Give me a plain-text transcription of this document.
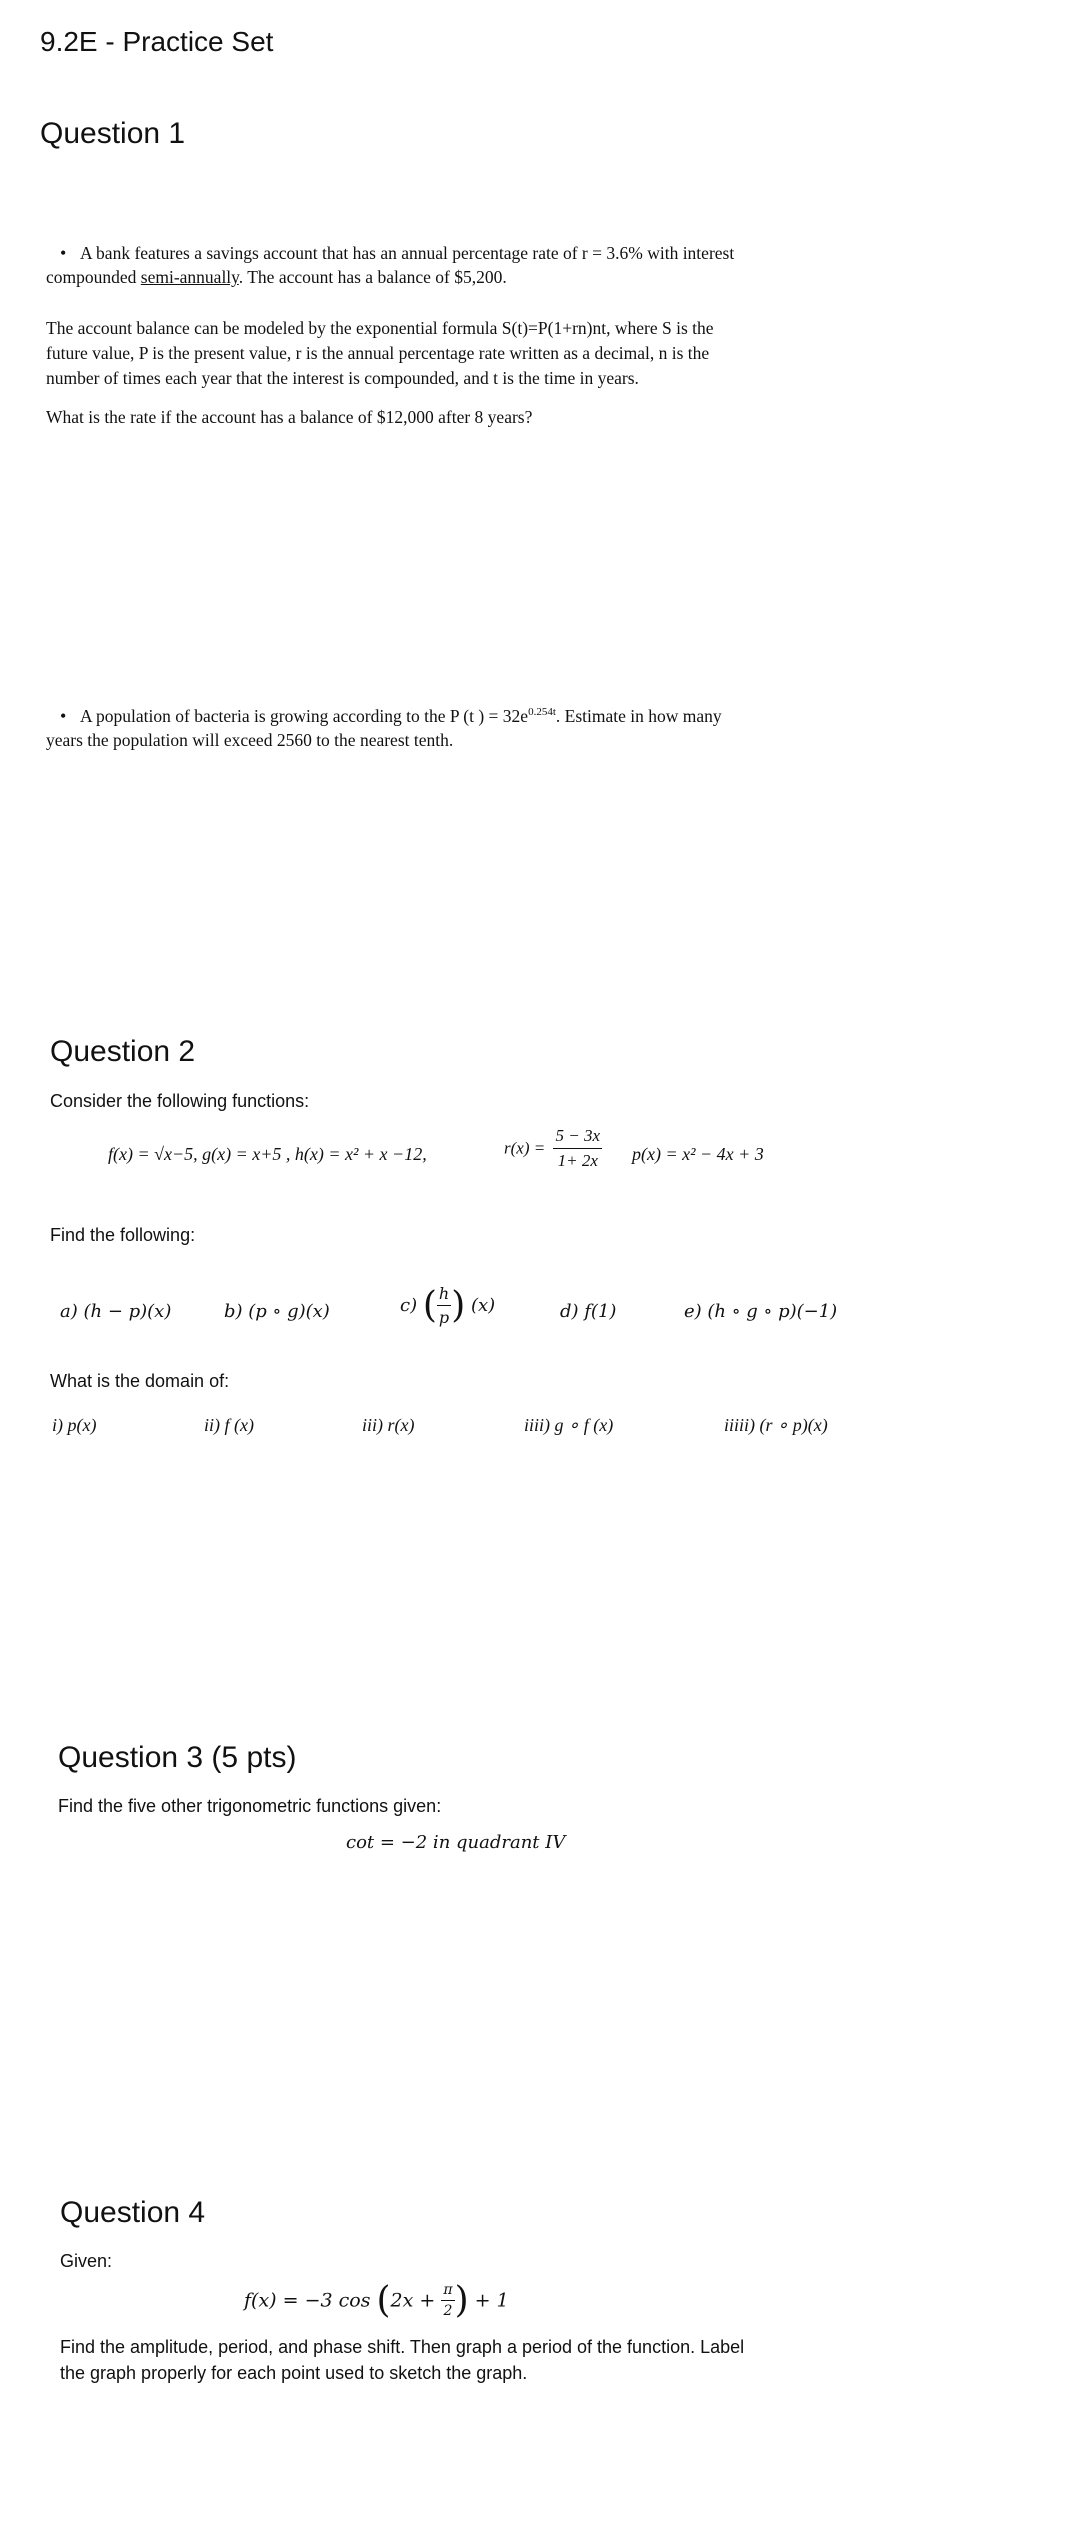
9.2E - Practice Set
Question 1
• A bank features a savings account that has an annual percentage rate of r = 3.6% with interest
compounded semi-annually. The account has a balance of $5,200.
The account balance can be modeled by the exponential formula S(t)=P(1+rn)nt, where S is the
future value, P is the present value, r is the annual percentage rate written as a decimal, n is the
number of times each year that the interest is compounded, and t is the time in years.
What is the rate if the account has a balance of $12,000 after 8 years?
• A population of bacteria is growing according to the P (t ) = $32e^{0.254t}$. Estimate in how many
years the population will exceed 2560 to the nearest tenth.
Question 2
Consider the following functions:
f(x) = √x−5, g(x) = x+5 , h(x) = x² + x −12,	$r(x) = \frac{5 - 3x}{1+ 2x} p(x) = x^2 - 4x + 3$
Find the following:
a) (h − p)(x)	b) (p ∘ g)(x)	c) ( $\frac{h}{p}$ ) (x)	d) f(1)	e) (h ∘ g ∘ p)(−1)
What is the domain of:
i) p(x)	ii) f (x)	iii) r(x)	iiii) g ∘ f (x)	iiiii) (r ∘ p)(x)
Question 3 (5 pts)
Find the five other trigonometric functions given:
cot = −2 in quadrant IV
Question 4
Given:
f(x) = −3 $\cos (2x + \frac{\pi}{2}$ ) + 1
Find the amplitude, period, and phase shift. Then graph a period of the function. Label
the graph properly for each point used to sketch the graph.
